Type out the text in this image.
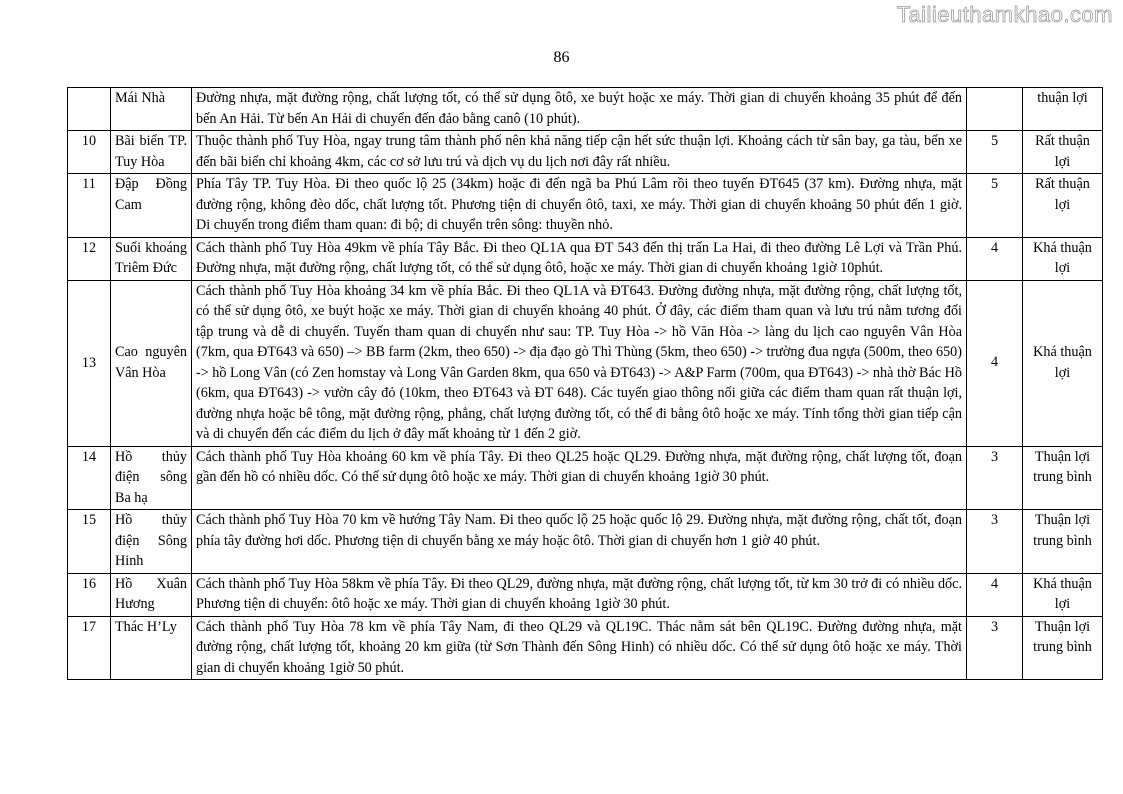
Tailieuthamkhao.com
86
	Mái Nhà	Đường nhựa, mặt đường rộng, chất lượng tốt, có thể sử dụng ôtô, xe buýt hoặc xe máy. Thời gian di chuyển khoảng 35 phút để đến bến An Hải. Từ bến An Hải di chuyển đến đảo bằng canô (10 phút).		thuận lợi
10	Bãi biển TP. Tuy Hòa	Thuộc thành phố Tuy Hòa, ngay trung tâm thành phố nên khả năng tiếp cận hết sức thuận lợi. Khoảng cách từ sân bay, ga tàu, bến xe đến bãi biển chỉ khoảng 4km, các cơ sở lưu trú và dịch vụ du lịch nơi đây rất nhiều.	5	Rất thuận lợi
11	Đập Đồng Cam	Phía Tây TP. Tuy Hòa. Đi theo quốc lộ 25 (34km) hoặc đi đến ngã ba Phú Lâm rồi theo tuyến ĐT645 (37 km). Đường nhựa, mặt đường rộng, không đèo dốc, chất lượng tốt. Phương tiện di chuyển ôtô, taxi, xe máy. Thời gian di chuyển khoảng 50 phút đến 1 giờ. Di chuyển trong điểm tham quan: đi bộ; di chuyển trên sông: thuyền nhỏ.	5	Rất thuận lợi
12	Suối khoáng Triêm Đức	Cách thành phố Tuy Hòa 49km về phía Tây Bắc. Đi theo QL1A qua ĐT 543 đến thị trấn La Hai, đi theo đường Lê Lợi và Trần Phú. Đường nhựa, mặt đường rộng, chất lượng tốt, có thể sử dụng ôtô, hoặc xe máy. Thời gian di chuyển khoảng 1giờ 10phút.	4	Khá thuận lợi
13	Cao nguyên Vân Hòa	Cách thành phố Tuy Hòa khoảng 34 km về phía Bắc. Đi theo QL1A và ĐT643. Đường đường nhựa, mặt đường rộng, chất lượng tốt, có thể sử dụng ôtô, xe buýt hoặc xe máy. Thời gian di chuyển khoảng 40 phút. Ở đây, các điểm tham quan và lưu trú nằm tương đối tập trung và dễ di chuyển. Tuyến tham quan di chuyển như sau: TP. Tuy Hòa -> hồ Văn Hòa -> làng du lịch cao nguyên Vân Hòa (7km, qua ĐT643 và 650) –> BB farm (2km, theo 650) -> địa đạo gò Thì Thùng (5km, theo 650) -> trường đua ngựa (500m, theo 650) -> hồ Long Vân (có Zen homstay và Long Vân Garden 8km, qua 650 và ĐT643) -> A&P Farm (700m, qua ĐT643) -> nhà thờ Bác Hồ (6km, qua ĐT643) -> vườn cây đỏ (10km, theo ĐT643 và ĐT 648). Các tuyến giao thông nối giữa các điểm tham quan rất thuận lợi, đường nhựa hoặc bê tông, mặt đường rộng, phẳng, chất lượng đường tốt, có thể đi bằng ôtô hoặc xe máy. Tính tổng thời gian tiếp cận và di chuyển đến các điểm du lịch ở đây mất khoảng từ 1 đến 2 giờ.	4	Khá thuận lợi
14	Hồ thủy điện sông Ba hạ	Cách thành phố Tuy Hòa khoảng 60 km về phía Tây. Đi theo QL25 hoặc QL29. Đường nhựa, mặt đường rộng, chất lượng tốt, đoạn gần đến hồ có nhiều dốc. Có thể sử dụng ôtô hoặc xe máy. Thời gian di chuyển khoảng 1giờ 30 phút.	3	Thuận lợi trung bình
15	Hồ thủy điện Sông Hinh	Cách thành phố Tuy Hòa 70 km về hướng Tây Nam. Đi theo quốc lộ 25 hoặc quốc lộ 29. Đường nhựa, mặt đường rộng, chất tốt, đoạn phía tây đường hơi dốc. Phương tiện di chuyển bằng xe máy hoặc ôtô. Thời gian di chuyển hơn 1 giờ 40 phút.	3	Thuận lợi trung bình
16	Hồ Xuân Hương	Cách thành phố Tuy Hòa 58km về phía Tây. Đi theo QL29, đường nhựa, mặt đường rộng, chất lượng tốt, từ km 30 trở đi có nhiều dốc. Phương tiện di chuyển: ôtô hoặc xe máy. Thời gian di chuyển khoảng 1giờ 30 phút.	4	Khá thuận lợi
17	Thác H’Ly	Cách thành phố Tuy Hòa 78 km về phía Tây Nam, đi theo QL29 và QL19C. Thác nằm sát bên QL19C. Đường đường nhựa, mặt đường rộng, chất lượng tốt, khoảng 20 km giữa (từ Sơn Thành đến Sông Hinh) có nhiều dốc. Có thể sử dụng ôtô hoặc xe máy. Thời gian di chuyển khoảng 1giờ 50 phút.	3	Thuận lợi trung bình
